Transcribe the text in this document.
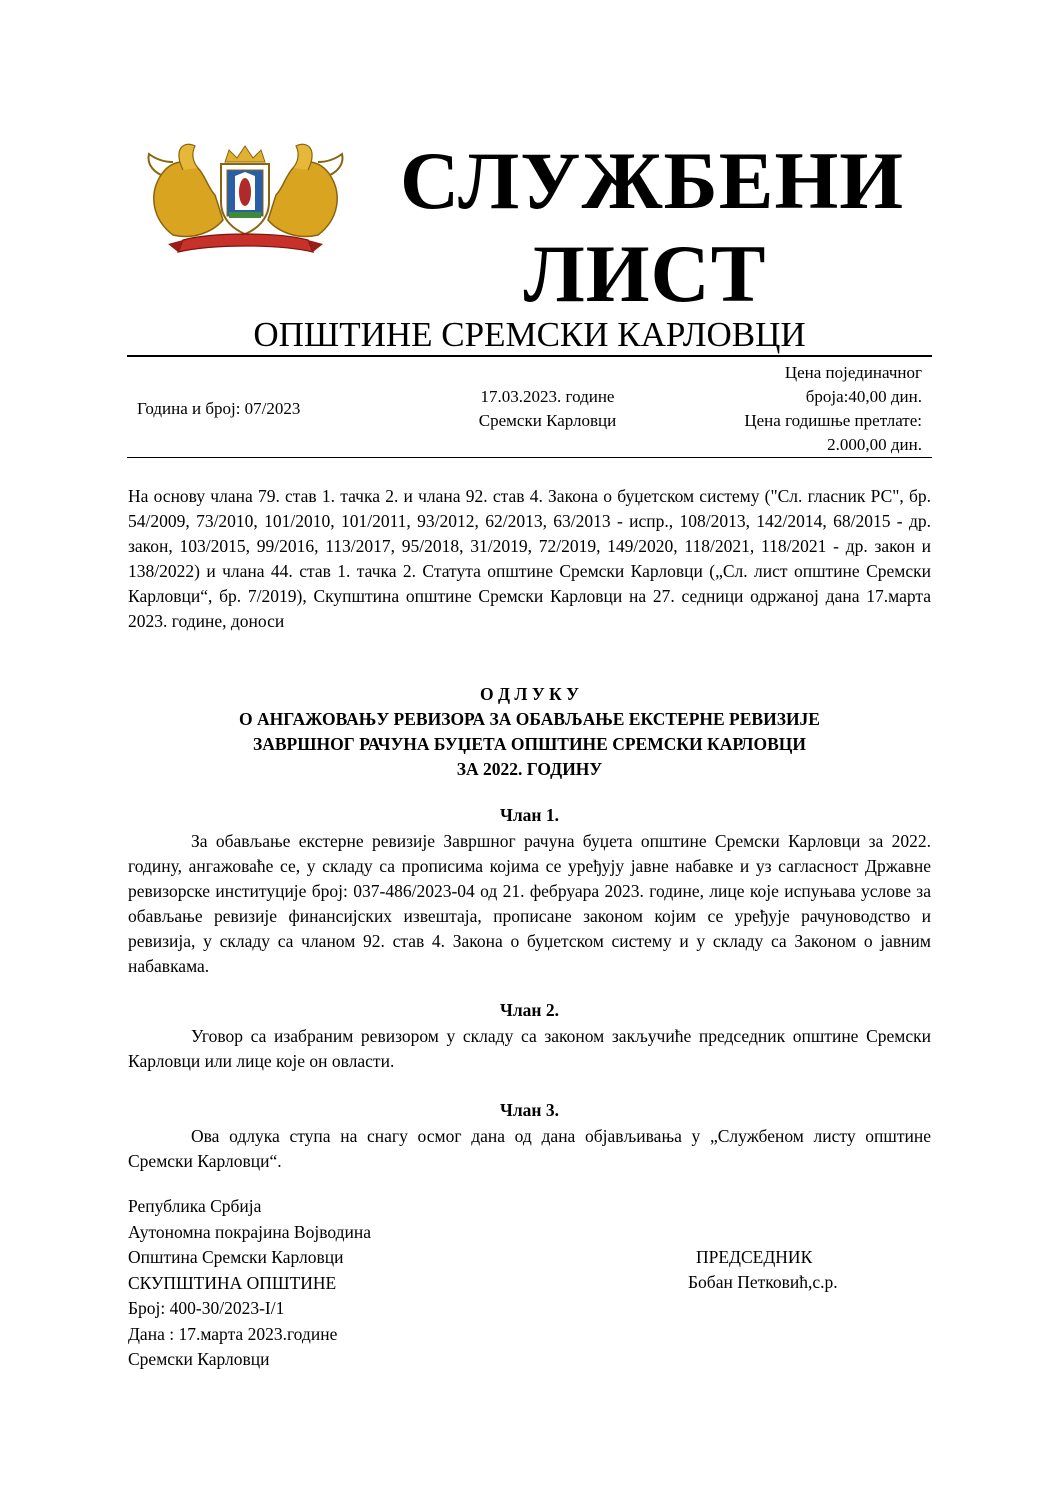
СЛУЖБЕНИ
ЛИСТ
ОПШТИНЕ СРЕМСКИ КАРЛОВЦИ
Година и број: 07/2023
17.03.2023. године
Сремски Карловци
Цена појединачног
броја:40,00 дин.
Цена годишње претлате:
2.000,00 дин.
На основу члана 79. став 1. тачка 2. и члана 92. став 4. Закона о буџетском систему ("Сл. гласник РС", бр. 54/2009, 73/2010, 101/2010, 101/2011, 93/2012, 62/2013, 63/2013 - испр., 108/2013, 142/2014, 68/2015 - др. закон, 103/2015, 99/2016, 113/2017, 95/2018, 31/2019, 72/2019, 149/2020, 118/2021, 118/2021 - др. закон и 138/2022) и члана 44. став 1. тачка 2. Статута општине Сремски Карловци („Сл. лист општине Сремски Карловци“, бр. 7/2019), Скупштина општине Сремски Карловци на 27. седници одржаној дана 17.марта 2023. године, доноси
О Д Л У К У
О АНГАЖОВАЊУ РЕВИЗОРА ЗА ОБАВЉАЊЕ ЕКСТЕРНЕ РЕВИЗИЈЕ
ЗАВРШНОГ РАЧУНА БУЏЕТА ОПШТИНЕ СРЕМСКИ КАРЛОВЦИ
ЗА 2022. ГОДИНУ
Члан 1.
За обављање екстерне ревизије Завршног рачуна буџета општине Сремски Карловци за 2022. годину, ангажоваће се, у складу са прописима којима се уређују јавне набавке и уз сагласност Државне ревизорске институције број: 037-486/2023-04 од 21. фебруара 2023. године, лице које испуњава услове за обављање ревизије финансијских извештаја, прописане законом којим се уређује рачуноводство и ревизија, у складу са чланом 92. став 4. Закона о буџетском систему и у складу са Законом о јавним набавкама.
Члан 2.
Уговор са изабраним ревизором у складу са законом закључиће председник општине Сремски Карловци или лице које он овласти.
Члан 3.
Ова одлука ступа на снагу осмог дана од дана објављивања у „Службеном листу општине Сремски Карловци“.
Република Србија
Аутономна покрајина Војводина
Општина Сремски Карловци
СКУПШТИНА ОПШТИНЕ
Број: 400-30/2023-I/1
Дана : 17.марта 2023.године
Сремски Карловци
ПРЕДСЕДНИК
Бобан Петковић,с.р.
